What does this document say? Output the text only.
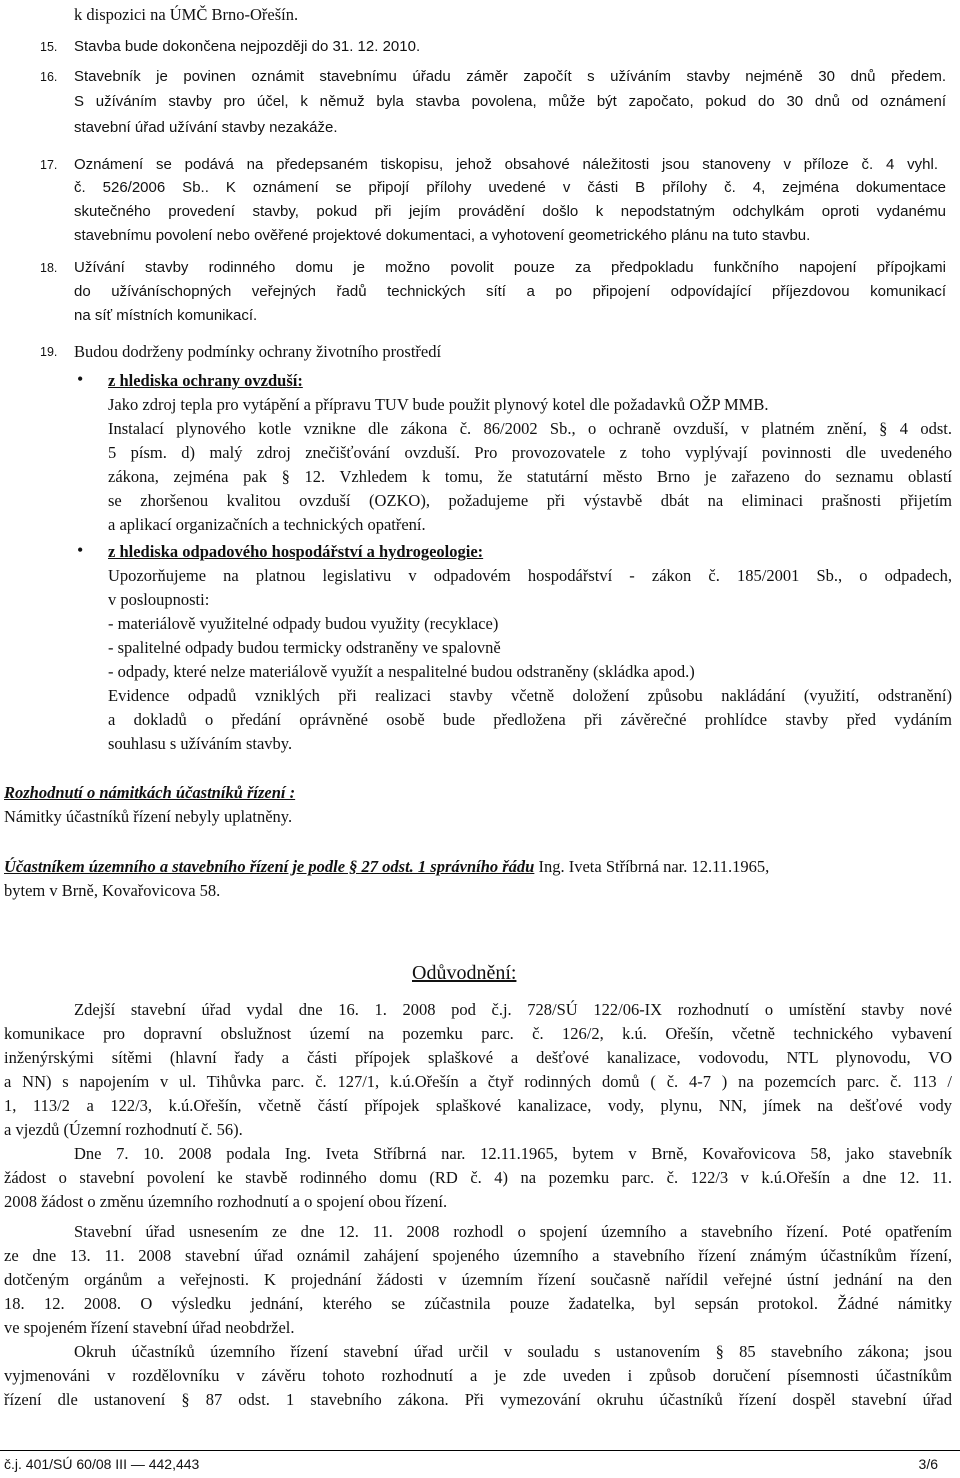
k dispozici na ÚMČ Brno-Ořešín.
15. Stavba bude dokončena nejpozději do 31. 12. 2010.
16. Stavebník je povinen oznámit stavebnímu úřadu záměr započít s užíváním stavby nejméně 30 dnů předem.
S užíváním stavby pro účel, k němuž byla stavba povolena, může být započato, pokud do 30 dnů od oznámení
stavební úřad užívání stavby nezakáže.
17. Oznámení se podává na předepsaném tiskopisu, jehož obsahové náležitosti jsou stanoveny v příloze č. 4 vyhl.
č. 526/2006 Sb.. K oznámení se připojí přílohy uvedené v části B přílohy č. 4, zejména dokumentace
skutečného provedení stavby, pokud při jejím provádění došlo k nepodstatným odchylkám oproti vydanému
stavebnímu povolení nebo ověřené projektové dokumentaci, a vyhotovení geometrického plánu na tuto stavbu.
18. Užívání stavby rodinného domu je možno povolit pouze za předpokladu funkčního napojení přípojkami
do užíváníschopných veřejných řadů technických sítí a po připojení odpovídající příjezdovou komunikací
na síť místních komunikací.
19. Budou dodrženy podmínky ochrany životního prostředí
• z hlediska ochrany ovzduší:
Jako zdroj tepla pro vytápění a přípravu TUV bude použit plynový kotel dle požadavků OŽP MMB.
Instalací plynového kotle vznikne dle zákona č. 86/2002 Sb., o ochraně ovzduší, v platném znění, § 4 odst.
5 písm. d) malý zdroj znečišťování ovzduší. Pro provozovatele z toho vyplývají povinnosti dle uvedeného
zákona, zejména pak § 12. Vzhledem k tomu, že statutární město Brno je zařazeno do seznamu oblastí
se zhoršenou kvalitou ovzduší (OZKO), požadujeme při výstavbě dbát na eliminaci prašnosti přijetím
a aplikací organizačních a technických opatření.
• z hlediska odpadového hospodářství a hydrogeologie:
Upozorňujeme na platnou legislativu v odpadovém hospodářství - zákon č. 185/2001 Sb., o odpadech,
v posloupnosti:
- materiálově využitelné odpady budou využity (recyklace)
- spalitelné odpady budou termicky odstraněny ve spalovně
- odpady, které nelze materiálově využít a nespalitelné budou odstraněny (skládka apod.)
Evidence odpadů vzniklých při realizaci stavby včetně doložení způsobu nakládání (využití, odstranění)
a dokladů o předání oprávněné osobě bude předložena při závěrečné prohlídce stavby před vydáním
souhlasu s užíváním stavby.
Rozhodnutí o námitkách účastníků řízení :
Námitky účastníků řízení nebyly uplatněny.
Účastníkem územního a stavebního řízení je podle § 27 odst. 1 správního řádu Ing. Iveta Stříbrná nar. 12.11.1965,
bytem v Brně, Kovařovicova 58.
Odůvodnění:
Zdejší stavební úřad vydal dne 16. 1. 2008 pod č.j. 728/SÚ 122/06-IX rozhodnutí o umístění stavby nové
komunikace pro dopravní obslužnost území na pozemku parc. č. 126/2, k.ú. Ořešín, včetně technického vybavení
inženýrskými sítěmi (hlavní řady a části přípojek splaškové a dešťové kanalizace, vodovodu, NTL plynovodu, VO
a NN) s napojením v ul. Tihůvka parc. č. 127/1, k.ú.Ořešín a čtyř rodinných domů ( č. 4-7 ) na pozemcích parc. č. 113 /
1, 113/2 a 122/3, k.ú.Ořešín, včetně částí přípojek splaškové kanalizace, vody, plynu, NN, jímek na dešťové vody
a vjezdů (Územní rozhodnutí č. 56).
Dne 7. 10. 2008 podala Ing. Iveta Stříbrná nar. 12.11.1965, bytem v Brně, Kovařovicova 58, jako stavebník
žádost o stavební povolení ke stavbě rodinného domu (RD č. 4) na pozemku parc. č. 122/3 v k.ú.Ořešín a dne 12. 11.
2008 žádost o změnu územního rozhodnutí a o spojení obou řízení.
Stavební úřad usnesením ze dne 12. 11. 2008 rozhodl o spojení územního a stavebního řízení. Poté opatřením
ze dne 13. 11. 2008 stavební úřad oznámil zahájení spojeného územního a stavebního řízení známým účastníkům řízení,
dotčeným orgánům a veřejnosti. K projednání žádosti v územním řízení současně nařídil veřejné ústní jednání na den
18. 12. 2008. O výsledku jednání, kterého se zúčastnila pouze žadatelka, byl sepsán protokol. Žádné námitky
ve spojeném řízení stavební úřad neobdržel.
Okruh účastníků územního řízení stavební úřad určil v souladu s ustanovením § 85 stavebního zákona; jsou
vyjmenováni v rozdělovníku v závěru tohoto rozhodnutí a je zde uveden i způsob doručení písemnosti účastníkům
řízení dle ustanovení § 87 odst. 1 stavebního zákona. Při vymezování okruhu účastníků řízení dospěl stavební úřad
č.j. 401/SÚ 60/08 III — 442,443	3/6
